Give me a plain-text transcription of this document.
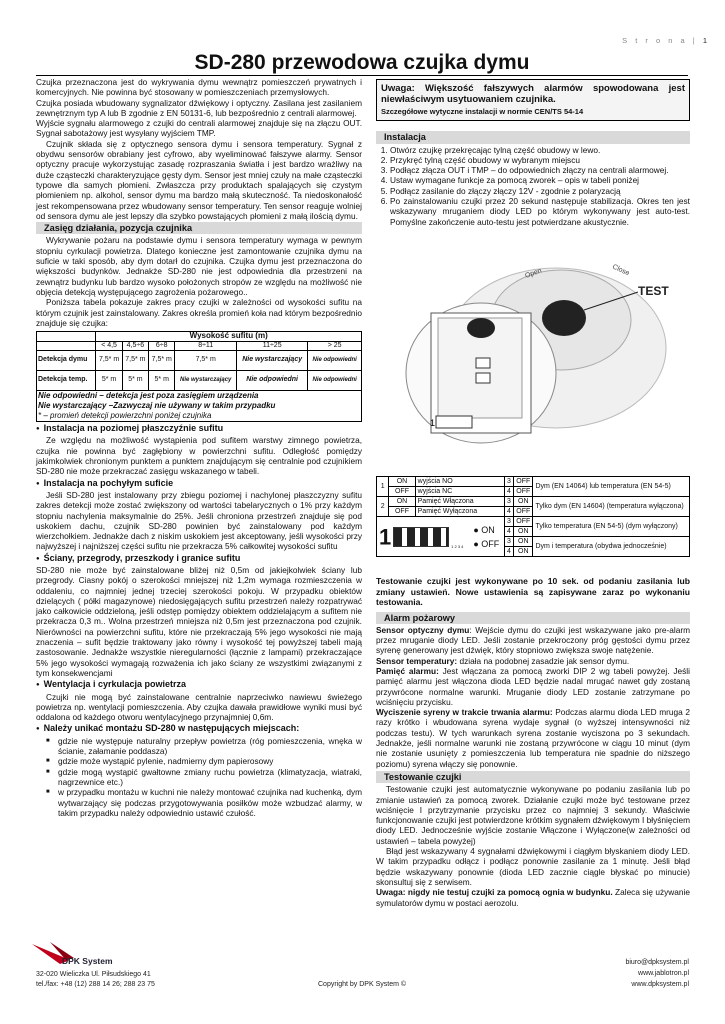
S t r o n a | 1
SD-280 przewodowa czujka dymu

Czujka przeznaczona jest do wykrywania dymu wewnątrz pomieszczeń prywatnych i komercyjnych. Nie powinna być stosowany w pomieszczeniach przemysłowych.

Czujka posiada wbudowany sygnalizator dźwiękowy i optyczny. Zasilana jest zasilaniem zewnętrznym typ A lub B zgodnie z EN 50131-6, lub bezpośrednio z centrali alarmowej.

Wyjście sygnału alarmowego z czujki do centrali alarmowej znajduje się na złączu OUT. Sygnał sabotażowy jest wysyłany wyjściem TMP.

Czujnik składa się z optycznego sensora dymu i sensora temperatury. Sygnał z obydwu sensorów obrabiany jest cyfrowo, aby wyeliminować fałszywe alarmy. Sensor optyczny pracuje wykorzystując zasadę rozpraszania światła i jest bardzo wrażliwy na duże cząsteczki charakteryzujące gęsty dym. Sensor jest mniej czuły na małe cząsteczki typowe dla samych płomieni. Zwłaszcza przy produktach spalających się czystym płomieniem np. alkohol, sensor dymu ma bardzo małą skuteczność. Ta niedoskonałość jest rekompensowana przez wbudowany sensor temperatury. Ten sensor reaguje wolniej od sensora dymu ale jest lepszy dla szybko powstających płomieni z małą ilością dymu.

Zasięg działania, pozycja czujnika

Wykrywanie pożaru na podstawie dymu i sensora temperatury wymaga w pewnym stopniu cyrkulacji powietrza. Dlatego konieczne jest zamontowanie czujnika dymu na suficie w taki sposób, aby dym dotarł do czujnika. Czujka dymu jest przeznaczona do większości budynków. Jednakże SD-280 nie jest odpowiednia dla przestrzeni na zewnątrz budynku lub bardzo wysoko położonych stropów ze względu na możliwość nie objęcia detekcją występującego zagrożenia pożarowego..

Poniższa tabela pokazuje zakres pracy czujki w zależności od wysokości sufitu na którym czujnik jest zainstalowany. Zakres określa promień koła nad którym bezpośrednio znajduje się czujka:

	Wysokość sufitu (m)					
	< 4,5	4,5÷6	6÷8	8÷11	11÷25	> 25
Detekcja dymu	7,5* m	7,5* m	7,5* m	7,5* m	Nie wystarczający	Nie odpowiedni
Detekcja temp.	5* m	5* m	5* m	Nie wystarczający	Nie odpowiedni	Nie odpowiedni

Nie odpowiedni – detekcja jest poza zasięgiem urządzenia
Nie wystarczający –Zazwyczaj nie używany w takim przypadku
* – promień detekcji powierzchni poniżej czujnika						
● Instalacja na poziomej płaszczyźnie sufitu

Ze względu na możliwość wystąpienia pod sufitem warstwy zimnego powietrza, czujka nie powinna być zagłębiony w powierzchni sufitu. Odległość pomiędzy jakimkolwiek chronionym punktem a punktem znajdującym się centralnie pod czujnikiem SD-280 nie może przekraczać zasięgu wskazanego w tabeli.

● Instalacja na pochyłym suficie

Jeśli SD-280 jest instalowany przy zbiegu poziomej i nachylonej płaszczyzny sufitu zakres detekcji może zostać zwiększony od wartości tabelarycznych o 1% przy każdym stopniu nachylenia maksymalnie do 25%. Jeśli chroniona przestrzeń znajduje się pod uskokiem dachu, czujnik SD-280 powinien być zainstalowany pod każdym wierzchołkiem. Jednakże dach z niskim uskokiem jest akceptowany, jeśli wysokości przy najwyższej i najniższej części sufitu nie przekracza 5% całkowitej wysokości sufitu

● Ściany, przegrody, przeszkody i granice sufitu

SD-280 nie może być zainstalowane bliżej niż 0,5m od jakiejkolwiek ściany lub przegrody. Ciasny pokój o szerokości mniejszej niż 1,2m wymaga rozmieszczenia w oddaleniu, co najmniej jednej trzeciej szerokości pokoju. W przypadku obiektów dzielących ( półki magazynowe) niedosięgających sufitu przestrzeń należy rozpatrywać jako całkowicie oddzieloną, jeśli odstęp pomiędzy obiektem oddzielającym a sufitem nie przekracza 0,3 m.. Wolna przestrzeń mniejsza niż 0,5m jest przeznaczona pod czujnik. Nierówności na powierzchni sufitu, które nie przekraczają 5% jego wysokości nie mają znaczenia – sufit będzie traktowany jako równy i wysokość tej powyższej tabeli mają zastosowanie. Jednakże wszystkie nieregularności (łącznie z lampami) przekraczające 5% jego wysokości wymagają rozważenia ich jako ściany ze wszystkimi związanymi z tym konsekwencjami

● Wentylacja i cyrkulacja powietrza

Czujki nie mogą być zainstalowane centralnie naprzeciwko nawiewu świeżego powietrza np. wentylacji pomieszczenia. Aby czujka dawała prawidłowe wyniki musi być oddalona od każdego otworu wentylacyjnego przynajmniej 0,6m.

● Należy unikać montażu SD-280 w następujących miejscach:
■ gdzie nie występuje naturalny przepływ powietrza (róg pomieszczenia, wnęka w ścianie, załamanie poddasza)
■ gdzie może wystąpić pylenie, nadmierny dym papierosowy
■ gdzie mogą wystąpić gwałtowne zmiany ruchu powietrza (klimatyzacja, wiatraki, nagrzewnice etc.)
■ w przypadku montażu w kuchni nie należy montować czujnika nad kuchenką, dym wytwarzający się podczas przygotowywania posiłków może wzbudzać alarmy, w takim przypadku należy odpowiednio ustawić czułość.
Uwaga: Większość fałszywych alarmów spowodowana jest niewłaściwym usytuowaniem czujnika.
Szczegółowe wytyczne instalacji w normie CEN/TS 54-14
Instalacja
1. Otwórz czujkę przekręcając tylną część obudowy w lewo.
2. Przykręć tylną część obudowy w wybranym miejscu
3. Podłącz złącza OUT i TMP – do odpowiednich złączy na centrali alarmowej.
4. Ustaw wymagane funkcje za pomocą zworek – opis w tabeli poniżej
5. Podłącz zasilanie do złączy złączy 12V - zgodnie z polaryzacją
6. Po zainstalowaniu czujki przez 20 sekund następuje stabilizacja. Okres ten jest wskazywany mruganiem diody LED po którym wykonywany jest auto-test. Pomyślne zakończenie auto-testu jest potwierdzane akustycznie.
Open	Close
TEST
1
1	ON	wyjścia NO	3	OFF	Dym (EN 14064) lub temperatura (EN 54-5)
	OFF	wyjścia NC	4	OFF	
2	ON	Pamięć Włączona	3	ON	Tylko dym (EN 14604) (temperatura wyłączona)
	OFF	Pamięć Wyłączona	4	OFF	
1 1 2 3 4 ● ON
● OFF			3	OFF	Tylko temperatura (EN 54-5) (dym wyłączony)
			4	ON	
			3	ON	Dym i temperatura (obydwa jednocześnie)
			4	ON	

Testowanie czujki jest wykonywane po 10 sek. od podaniu zasilania lub zmiany ustawień. Nowe ustawienia są zapisywane zaraz po wykonaniu testowania.

Alarm pożarowy

Sensor optyczny dymu: Wejście dymu do czujki jest wskazywane jako pre-alarm przez mruganie diody LED. Jeśli zostanie przekroczony próg gęstości dymu przez syrenę generowany jest dźwięk, który stopniowo zwiększa swoje natężenie.

Sensor temperatury: działa na podobnej zasadzie jak sensor dymu.

Pamięć alarmu: Jest włączana za pomocą zworki DIP 2 wg tabeli powyżej. Jeśli pamięć alarmu jest włączona dioda LED będzie nadal mrugać nawet gdy zostaną przywrócone normalne warunki. Mruganie diody LED zostanie zatrzymane po wciśnięciu przycisku.

Wyciszenie syreny w trakcie trwania alarmu: Podczas alarmu dioda LED mruga 2 razy krótko i wbudowana syrena wydaje sygnał (o wyższej intensywności niż podczas testu). W tych warunkach syrena zostanie wyciszona po 3 sekundach. Jednakże, jeśli normalne warunki nie zostaną przywrócone w ciągu 10 minut (dym nie zostanie usunięty z pomieszczenia lub temperatura nie spadnie do niższego poziomu) syrena włączy się ponownie.

Testowanie czujki

Testowanie czujki jest automatycznie wykonywane po podaniu zasilania lub po zmianie ustawień za pomocą zworek. Działanie czujki może być testowane przez wciśnięcie I przytrzymanie przycisku przez co najmniej 3 sekundy. Właściwie funkcjonowanie czujki jest potwierdzone krótkim sygnałem dźwiękowym I błyśnięciem diody LED. Jednocześnie wyjście zostanie Włączone i Wyłączone(w zależności od ustawień – tabela powyżej)

Błąd jest wskazywany 4 sygnałami dźwiękowymi i ciągłym błyskaniem diody LED. W takim przypadku odłącz i podłącz ponownie zasilanie za 1 minutę. Jeśli błąd będzie wskazywany ponownie (dioda LED zacznie ciągle błyskać po minucie) skonsultuj się z serwisem.

Uwaga: nigdy nie testuj czujki za pomocą ognia w budynku. Zaleca się używanie symulatorów dymu w postaci aerozolu.

DPK System
32-020 Wieliczka Ul. Piłsudskiego 41
tel./fax: +48 (12) 288 14 26; 288 23 75	Copyright by DPK System ©
biuro@dpksystem.pl
www.jablotron.pl
www.dpksystem.pl
